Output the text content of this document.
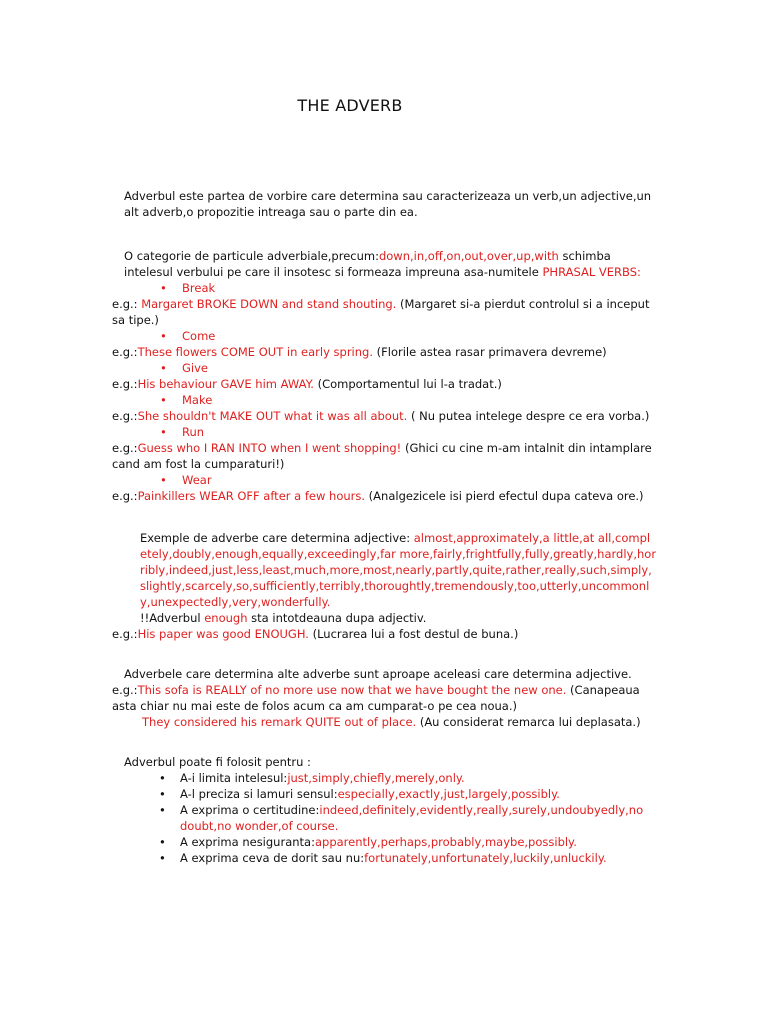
THE ADVERB

Adverbul este partea de vorbire care determina sau caracterizeaza un verb,un adjective,un alt adverb,o propozitie intreaga sau o parte din ea.

O categorie de particule adverbiale,precum:down,in,off,on,out,over,up,with schimba intelesul verbului pe care il insotesc si formeaza impreuna asa-numitele PHRASAL VERBS:

• Break

e.g.: Margaret BROKE DOWN and stand shouting. (Margaret si-a pierdut controlul si a inceput sa tipe.)

• Come

e.g.:These flowers COME OUT in early spring. (Florile astea rasar primavera devreme)

• Give

e.g.:His behaviour GAVE him AWAY. (Comportamentul lui l-a tradat.)

• Make

e.g.:She shouldn't MAKE OUT what it was all about. ( Nu putea intelege despre ce era vorba.)

• Run

e.g.:Guess who I RAN INTO when I went shopping! (Ghici cu cine m-am intalnit din intamplare cand am fost la cumparaturi!)

• Wear

e.g.:Painkillers WEAR OFF after a few hours. (Analgezicele isi pierd efectul dupa cateva ore.)

Exemple de adverbe care determina adjective: almost,approximately,a little,at all,completely,doubly,enough,equally,exceedingly,far more,fairly,frightfully,fully,greatly,hardly,horribly,indeed,just,less,least,much,more,most,nearly,partly,quite,rather,really,such,simply,slightly,scarcely,so,sufficiently,terribly,thoroughtly,tremendously,too,utterly,uncommonly,unexpectedly,very,wonderfully.

!!Adverbul enough sta intotdeauna dupa adjectiv.

e.g.:His paper was good ENOUGH. (Lucrarea lui a fost destul de buna.)

Adverbele care determina alte adverbe sunt aproape aceleasi care determina adjective.

e.g.:This sofa is REALLY of no more use now that we have bought the new one. (Canapeaua asta chiar nu mai este de folos acum ca am cumparat-o pe cea noua.)

They considered his remark QUITE out of place. (Au considerat remarca lui deplasata.)

Adverbul poate fi folosit pentru :

• A-i limita intelesul:just,simply,chiefly,merely,only.
• A-l preciza si lamuri sensul:especially,exactly,just,largely,possibly.
• A exprima o certitudine:indeed,definitely,evidently,really,surely,undoubyedly,no doubt,no wonder,of course.
• A exprima nesiguranta:apparently,perhaps,probably,maybe,possibly.
• A exprima ceva de dorit sau nu:fortunately,unfortunately,luckily,unluckily.
